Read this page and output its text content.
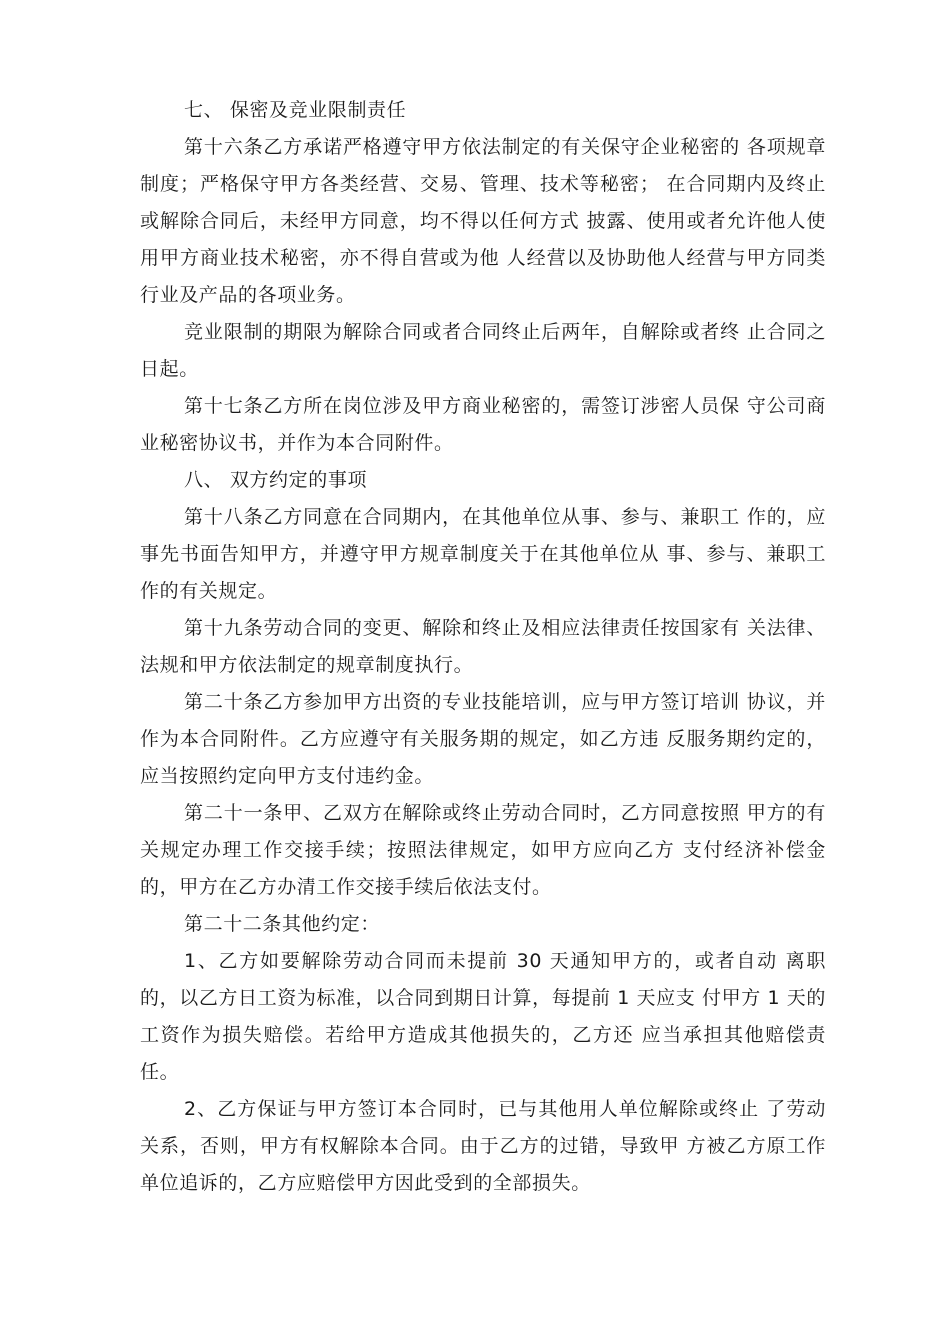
七、 保密及竞业限制责任

第十六条乙方承诺严格遵守甲方依法制定的有关保守企业秘密的 各项规章制度；严格保守甲方各类经营、交易、管理、技术等秘密； 在合同期内及终止或解除合同后，未经甲方同意，均不得以任何方式 披露、使用或者允许他人使用甲方商业技术秘密，亦不得自营或为他 人经营以及协助他人经营与甲方同类行业及产品的各项业务。

竞业限制的期限为解除合同或者合同终止后两年，自解除或者终 止合同之日起。

第十七条乙方所在岗位涉及甲方商业秘密的，需签订涉密人员保 守公司商业秘密协议书，并作为本合同附件。

八、 双方约定的事项

第十八条乙方同意在合同期内，在其他单位从事、参与、兼职工 作的，应事先书面告知甲方，并遵守甲方规章制度关于在其他单位从 事、参与、兼职工作的有关规定。

第十九条劳动合同的变更、解除和终止及相应法律责任按国家有 关法律、法规和甲方依法制定的规章制度执行。

第二十条乙方参加甲方出资的专业技能培训，应与甲方签订培训 协议，并作为本合同附件。乙方应遵守有关服务期的规定，如乙方违 反服务期约定的，应当按照约定向甲方支付违约金。

第二十一条甲、乙双方在解除或终止劳动合同时，乙方同意按照 甲方的有关规定办理工作交接手续；按照法律规定，如甲方应向乙方 支付经济补偿金的，甲方在乙方办清工作交接手续后依法支付。

第二十二条其他约定：

1、乙方如要解除劳动合同而未提前 30 天通知甲方的，或者自动 离职的，以乙方日工资为标准，以合同到期日计算，每提前 1 天应支 付甲方 1 天的工资作为损失赔偿。若给甲方造成其他损失的，乙方还 应当承担其他赔偿责任。

2、乙方保证与甲方签订本合同时，已与其他用人单位解除或终止 了劳动关系，否则，甲方有权解除本合同。由于乙方的过错，导致甲 方被乙方原工作单位追诉的，乙方应赔偿甲方因此受到的全部损失。
